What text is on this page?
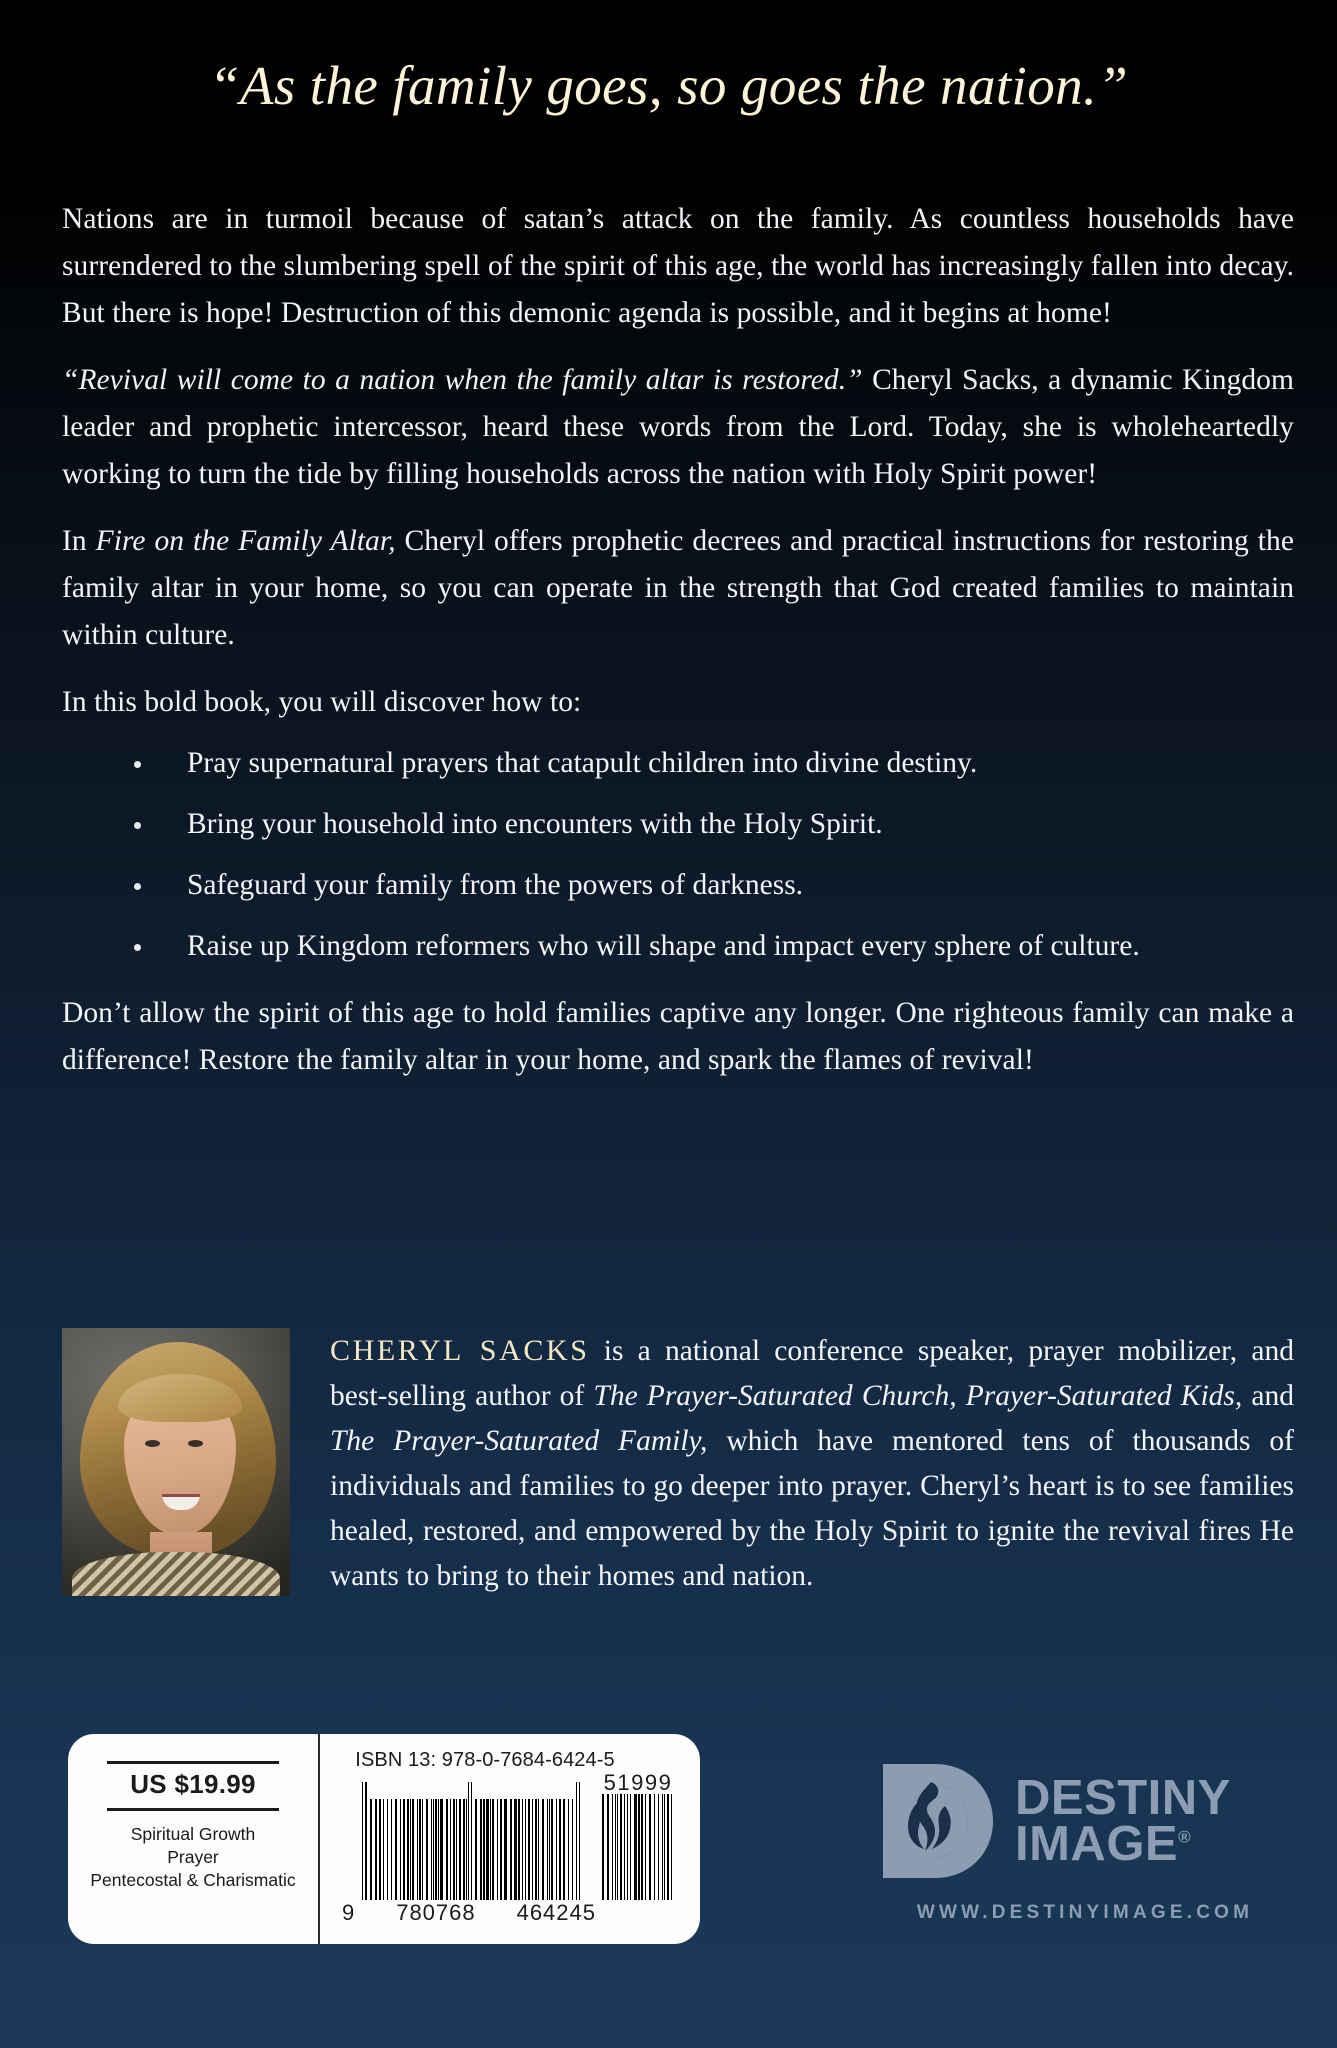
“As the family goes, so goes the nation.”

Nations are in turmoil because of satan’s attack on the family. As countless households have surrendered to the slumbering spell of the spirit of this age, the world has increasingly fallen into decay. But there is hope! Destruction of this demonic agenda is possible, and it begins at home!

“Revival will come to a nation when the family altar is restored.” Cheryl Sacks, a dynamic Kingdom leader and prophetic intercessor, heard these words from the Lord. Today, she is wholeheartedly working to turn the tide by filling households across the nation with Holy Spirit power!

In Fire on the Family Altar, Cheryl offers prophetic decrees and practical instructions for restoring the family altar in your home, so you can operate in the strength that God created families to maintain within culture.

In this bold book, you will discover how to:

Pray supernatural prayers that catapult children into divine destiny.
Bring your household into encounters with the Holy Spirit.
Safeguard your family from the powers of darkness.
Raise up Kingdom reformers who will shape and impact every sphere of culture.

Don’t allow the spirit of this age to hold families captive any longer. One righteous family can make a difference! Restore the family altar in your home, and spark the flames of revival!

CHERYL SACKS is a national conference speaker, prayer mobilizer, and best-selling author of The Prayer-Saturated Church, Prayer-Saturated Kids, and The Prayer-Saturated Family, which have mentored tens of thousands of individuals and families to go deeper into prayer. Cheryl’s heart is to see families healed, restored, and empowered by the Holy Spirit to ignite the revival fires He wants to bring to their homes and nation.
US $19.99
Spiritual Growth
Prayer
Pentecostal & Charismatic
ISBN 13: 978-0-7684-6424-5
9 780768 464245
51999	DESTINY
IMAGE®
WWW.DESTINYIMAGE.COM
